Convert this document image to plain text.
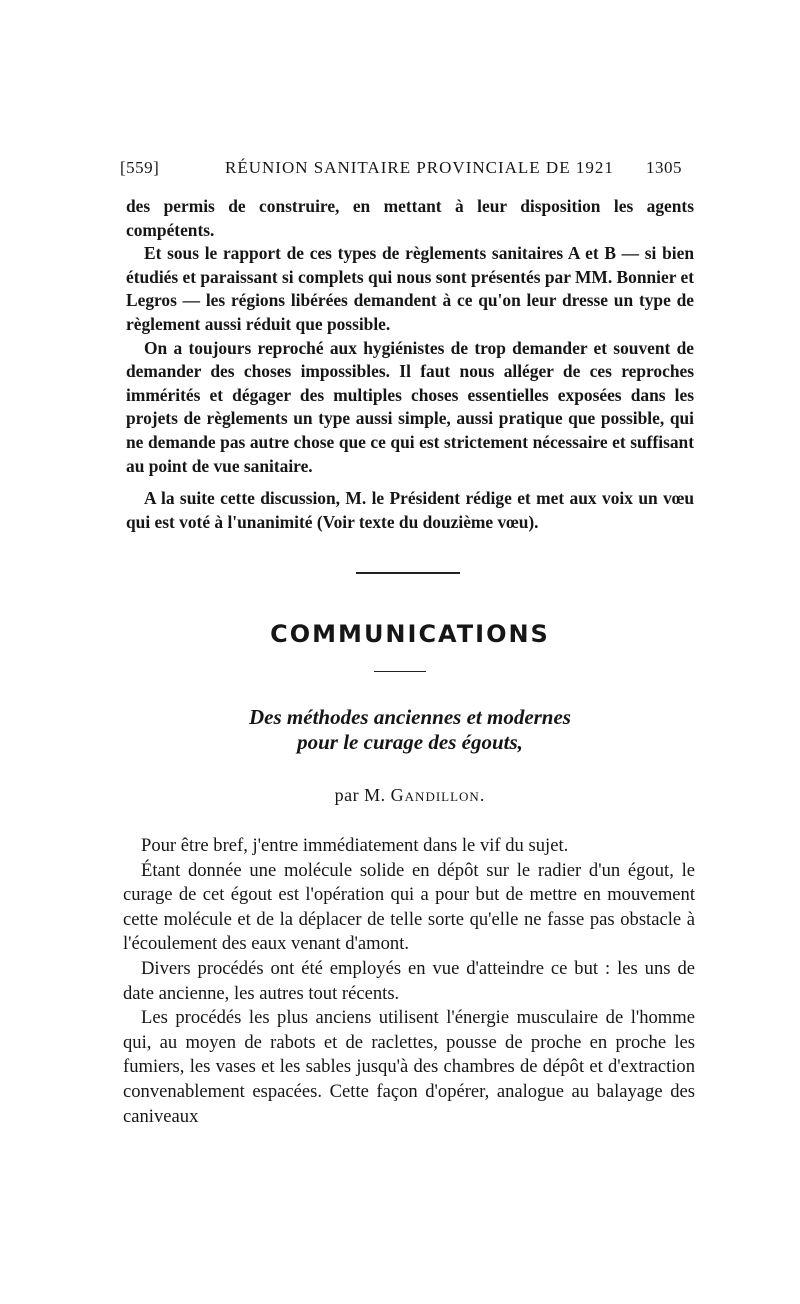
[559]	RÉUNION SANITAIRE PROVINCIALE DE 1921 1305

des permis de construire, en mettant à leur disposition les agents compétents.

Et sous le rapport de ces types de règlements sanitaires A et B — si bien étudiés et paraissant si complets qui nous sont présentés par MM. Bonnier et Legros — les régions libérées demandent à ce qu'on leur dresse un type de règlement aussi réduit que possible.

On a toujours reproché aux hygiénistes de trop demander et souvent de demander des choses impossibles. Il faut nous alléger de ces reproches immérités et dégager des multiples choses essentielles exposées dans les projets de règlements un type aussi simple, aussi pratique que possible, qui ne demande pas autre chose que ce qui est strictement nécessaire et suffisant au point de vue sanitaire.

A la suite cette discussion, M. le Président rédige et met aux voix un vœu qui est voté à l'unanimité (Voir texte du douzième vœu).

COMMUNICATIONS
Des méthodes anciennes et modernes
pour le curage des égouts,
par M. Gandillon.

Pour être bref, j'entre immédiatement dans le vif du sujet.

Étant donnée une molécule solide en dépôt sur le radier d'un égout, le curage de cet égout est l'opération qui a pour but de mettre en mouvement cette molécule et de la déplacer de telle sorte qu'elle ne fasse pas obstacle à l'écoulement des eaux venant d'amont.

Divers procédés ont été employés en vue d'atteindre ce but : les uns de date ancienne, les autres tout récents.

Les procédés les plus anciens utilisent l'énergie musculaire de l'homme qui, au moyen de rabots et de raclettes, pousse de proche en proche les fumiers, les vases et les sables jusqu'à des chambres de dépôt et d'extraction convenablement espacées. Cette façon d'opérer, analogue au balayage des caniveaux
